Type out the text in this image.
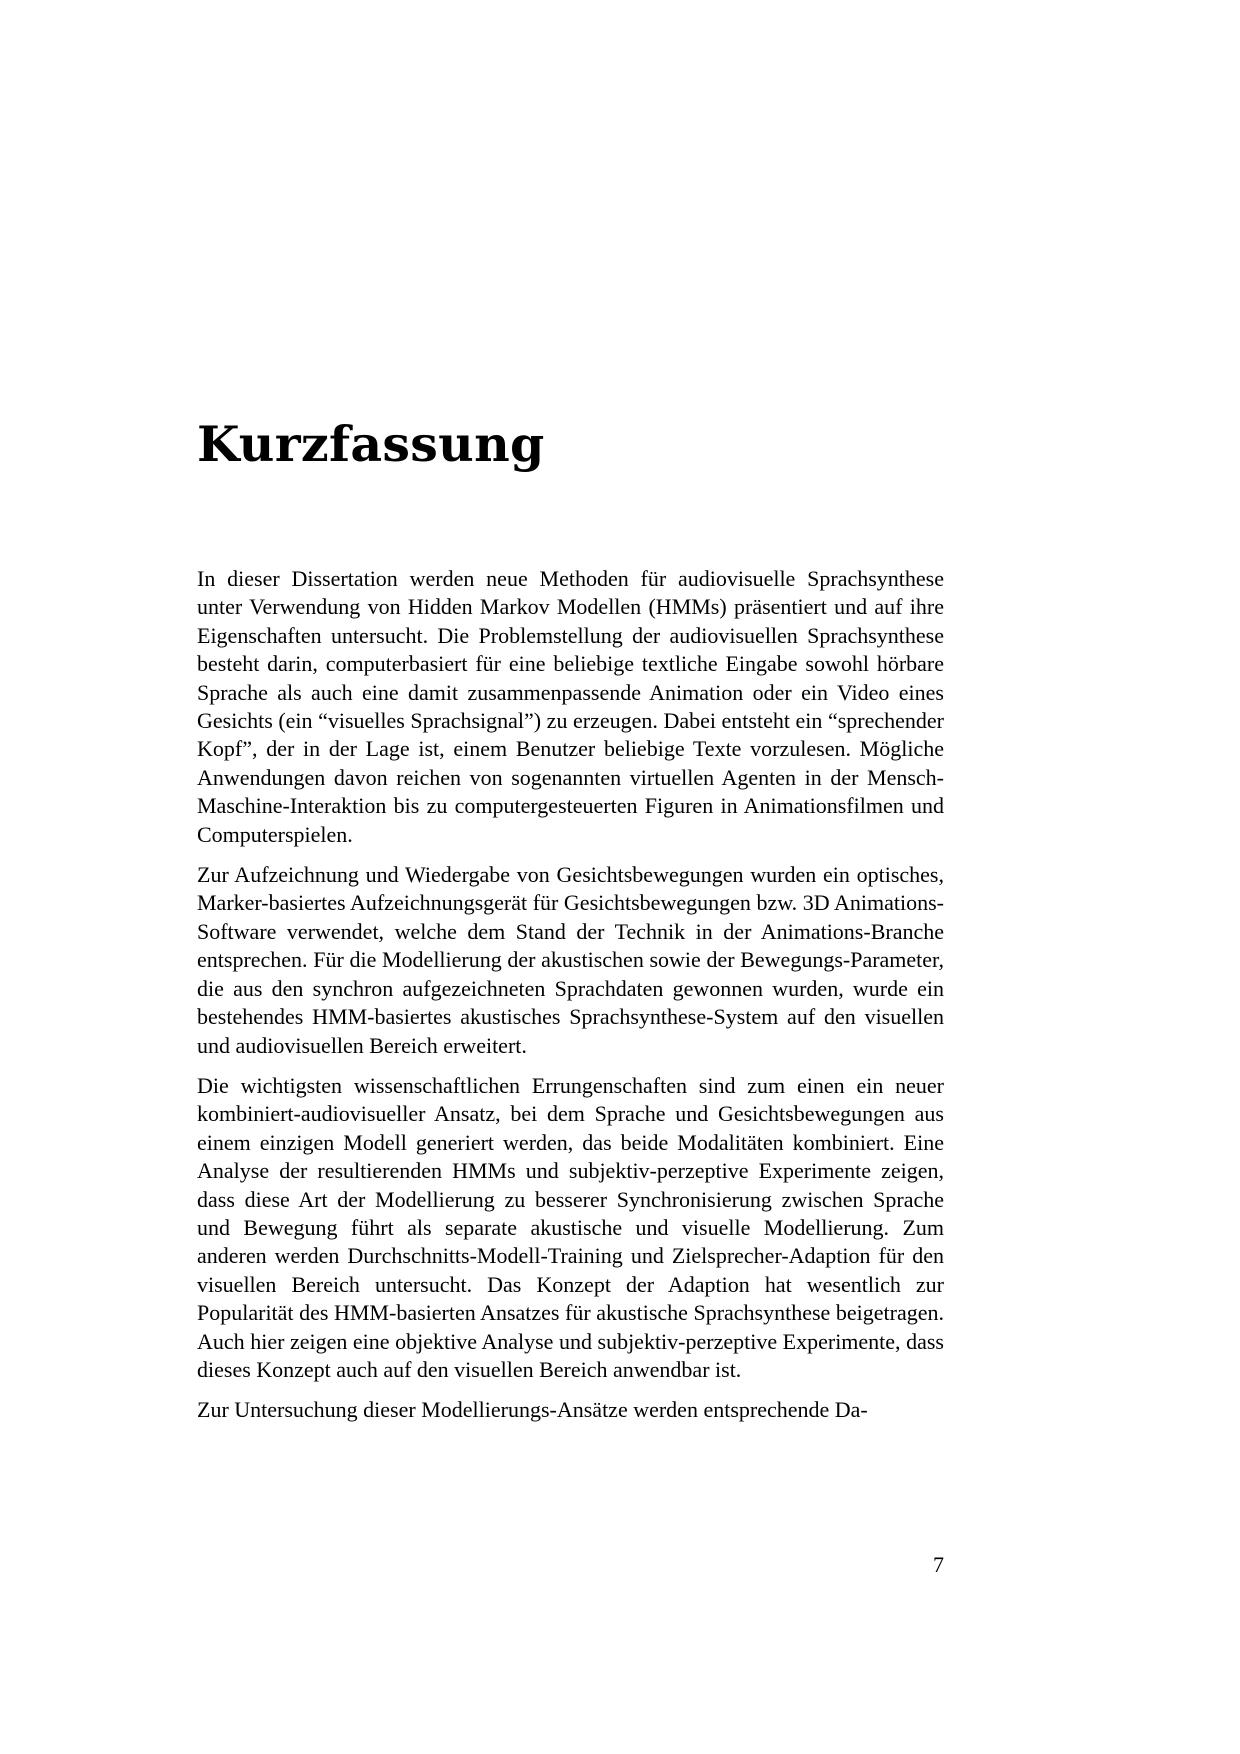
Kurzfassung

In dieser Dissertation werden neue Methoden für audiovisuelle Sprachsynthese unter Verwendung von Hidden Markov Modellen (HMMs) präsentiert und auf ihre Eigenschaften untersucht. Die Problemstellung der audiovisuellen Sprachsynthese besteht darin, computerbasiert für eine beliebige textliche Eingabe sowohl hörbare Sprache als auch eine damit zusammenpassende Animation oder ein Video eines Gesichts (ein “visuelles Sprachsignal”) zu erzeugen. Dabei entsteht ein “sprechender Kopf”, der in der Lage ist, einem Benutzer beliebige Texte vorzulesen. Mögliche Anwendungen davon reichen von sogenannten virtuellen Agenten in der Mensch-Maschine-Interaktion bis zu computergesteuerten Figuren in Animationsfilmen und Computerspielen.

Zur Aufzeichnung und Wiedergabe von Gesichtsbewegungen wurden ein optisches, Marker-basiertes Aufzeichnungsgerät für Gesichtsbewegungen bzw. 3D Animations-Software verwendet, welche dem Stand der Technik in der Animations-Branche entsprechen. Für die Modellierung der akustischen sowie der Bewegungs-Parameter, die aus den synchron aufgezeichneten Sprachdaten gewonnen wurden, wurde ein bestehendes HMM-basiertes akustisches Sprachsynthese-System auf den visuellen und audiovisuellen Bereich erweitert.

Die wichtigsten wissenschaftlichen Errungenschaften sind zum einen ein neuer kombiniert-audiovisueller Ansatz, bei dem Sprache und Gesichtsbewegungen aus einem einzigen Modell generiert werden, das beide Modalitäten kombiniert. Eine Analyse der resultierenden HMMs und subjektiv-perzeptive Experimente zeigen, dass diese Art der Modellierung zu besserer Synchronisierung zwischen Sprache und Bewegung führt als separate akustische und visuelle Modellierung. Zum anderen werden Durchschnitts-Modell-Training und Zielsprecher-Adaption für den visuellen Bereich untersucht. Das Konzept der Adaption hat wesentlich zur Popularität des HMM-basierten Ansatzes für akustische Sprachsynthese beigetragen. Auch hier zeigen eine objektive Analyse und subjektiv-perzeptive Experimente, dass dieses Konzept auch auf den visuellen Bereich anwendbar ist.

Zur Untersuchung dieser Modellierungs-Ansätze werden entsprechende Da-

7
